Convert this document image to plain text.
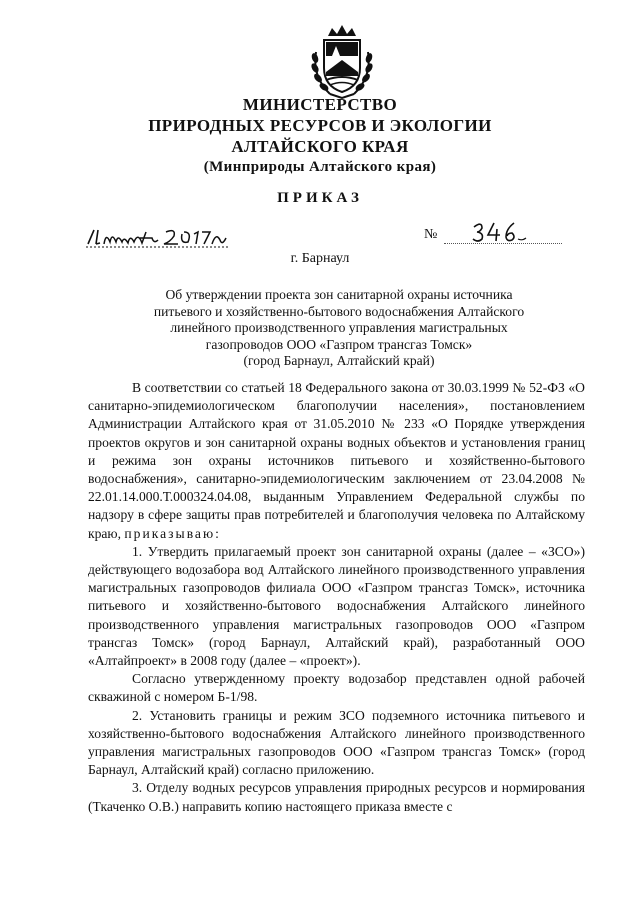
МИНИСТЕРСТВО
ПРИРОДНЫХ РЕСУРСОВ И ЭКОЛОГИИ
АЛТАЙСКОГО КРАЯ
(Минприроды Алтайского края)
ПРИКАЗ
№
г. Барнаул
Об утверждении проекта зон санитарной охраны источника
питьевого и хозяйственно-бытового водоснабжения Алтайского
линейного производственного управления магистральных
газопроводов ООО «Газпром трансгаз Томск»
(город Барнаул, Алтайский край)

В соответствии со статьей 18 Федерального закона от 30.03.1999 № 52-ФЗ «О санитарно-эпидемиологическом благополучии населения», постановлением Администрации Алтайского края от 31.05.2010 № 233 «О Порядке утверждения проектов округов и зон санитарной охраны водных объектов и установления границ и режима зон охраны источников питьевого и хозяйственно-бытового водоснабжения», санитарно-эпидемиологическим заключением от 23.04.2008 № 22.01.14.000.Т.000324.04.08, выданным Управлением Федеральной службы по надзору в сфере защиты прав потребителей и благополучия человека по Алтайскому краю, приказываю:

1. Утвердить прилагаемый проект зон санитарной охраны (далее – «ЗСО») действующего водозабора вод Алтайского линейного производственного управления магистральных газопроводов филиала ООО «Газпром трансгаз Томск», источника питьевого и хозяйственно-бытового водоснабжения Алтайского линейного производственного управления магистральных газопроводов ООО «Газпром трансгаз Томск» (город Барнаул, Алтайский край), разработанный ООО «Алтайпроект» в 2008 году (далее – «проект»).

Согласно утвержденному проекту водозабор представлен одной рабочей скважиной с номером Б-1/98.

2. Установить границы и режим ЗСО подземного источника питьевого и хозяйственно-бытового водоснабжения Алтайского линейного производственного управления магистральных газопроводов ООО «Газпром трансгаз Томск» (город Барнаул, Алтайский край) согласно приложению.

3. Отделу водных ресурсов управления природных ресурсов и нормирования (Ткаченко О.В.) направить копию настоящего приказа вместе с
